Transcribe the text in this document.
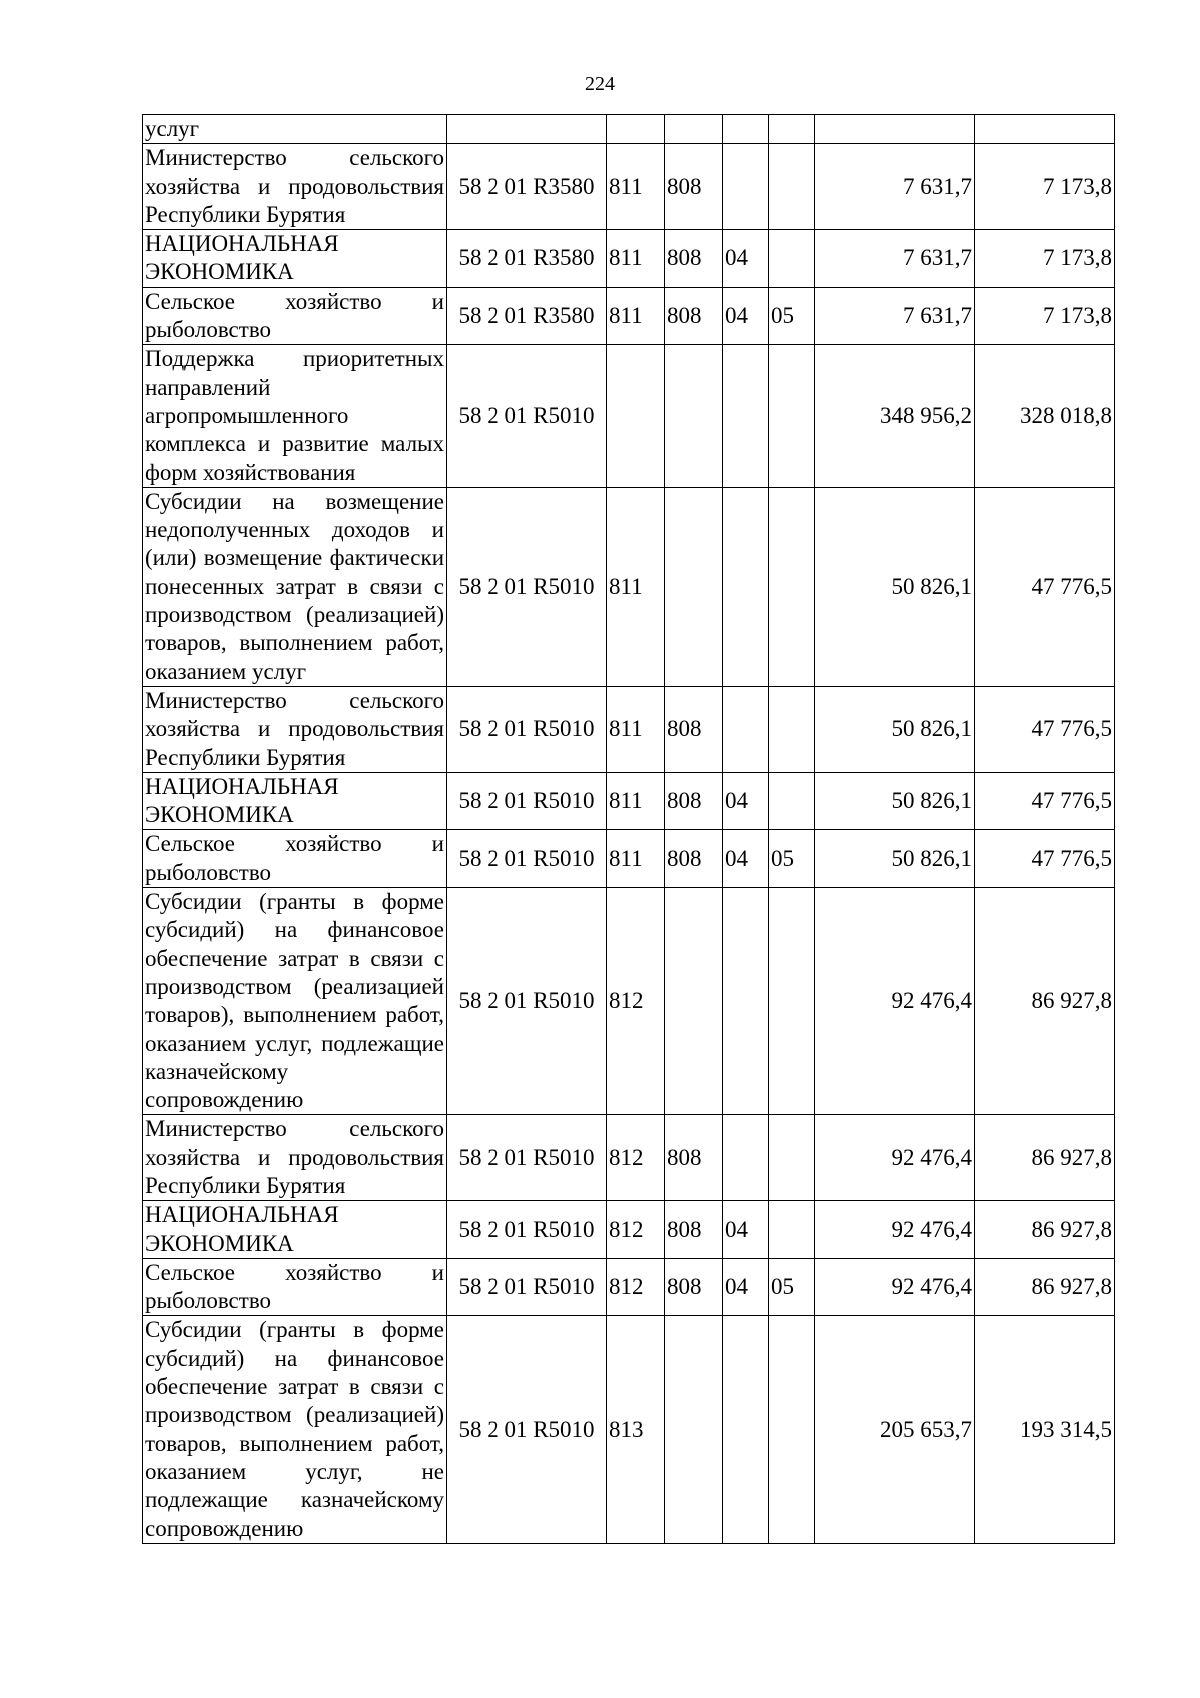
224
услуг							
Министерство сельского хозяйства и продовольствия Республики Бурятия	58 2 01 R3580	811	808			7 631,7	7 173,8
НАЦИОНАЛЬНАЯ ЭКОНОМИКА	58 2 01 R3580	811	808	04		7 631,7	7 173,8
Сельское хозяйство и рыболовство	58 2 01 R3580	811	808	04	05	7 631,7	7 173,8
Поддержка приоритетных направлений агропромышленного комплекса и развитие малых форм хозяйствования	58 2 01 R5010					348 956,2	328 018,8
Субсидии на возмещение недополученных доходов и (или) возмещение фактически понесенных затрат в связи с производством (реализацией) товаров, выполнением работ, оказанием услуг	58 2 01 R5010	811				50 826,1	47 776,5
Министерство сельского хозяйства и продовольствия Республики Бурятия	58 2 01 R5010	811	808			50 826,1	47 776,5
НАЦИОНАЛЬНАЯ ЭКОНОМИКА	58 2 01 R5010	811	808	04		50 826,1	47 776,5
Сельское хозяйство и рыболовство	58 2 01 R5010	811	808	04	05	50 826,1	47 776,5
Субсидии (гранты в форме субсидий) на финансовое обеспечение затрат в связи с производством (реализацией товаров), выполнением работ, оказанием услуг, подлежащие казначейскому сопровождению	58 2 01 R5010	812				92 476,4	86 927,8
Министерство сельского хозяйства и продовольствия Республики Бурятия	58 2 01 R5010	812	808			92 476,4	86 927,8
НАЦИОНАЛЬНАЯ ЭКОНОМИКА	58 2 01 R5010	812	808	04		92 476,4	86 927,8
Сельское хозяйство и рыболовство	58 2 01 R5010	812	808	04	05	92 476,4	86 927,8
Субсидии (гранты в форме субсидий) на финансовое обеспечение затрат в связи с производством (реализацией) товаров, выполнением работ, оказанием услуг, не подлежащие казначейскому сопровождению	58 2 01 R5010	813				205 653,7	193 314,5
